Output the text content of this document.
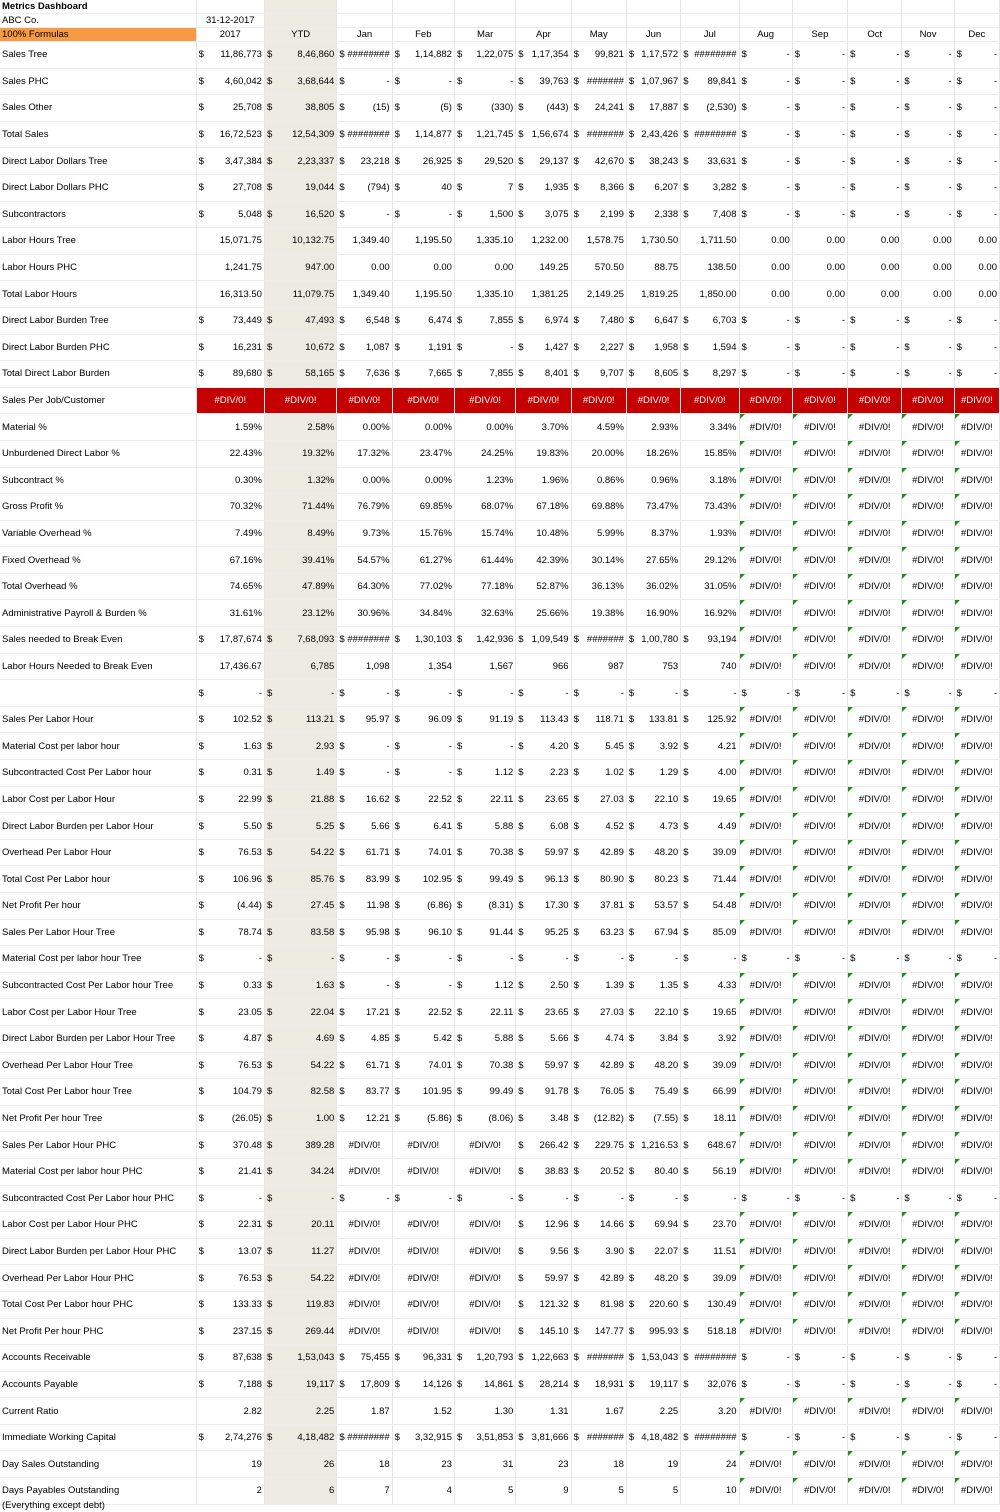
Metrics Dashboard														
ABC Co.	31-12-2017													
100% Formulas	2017	YTD	Jan	Feb	Mar	Apr	May	Jun	Jul	Aug	Sep	Oct	Nov	Dec
Sales Tree	$ 11,86,773	$ 8,46,860	$ ########	$ 1,14,882	$ 1,22,075	$ 1,17,354	$ 99,821	$ 1,17,572	$ ########	$ -	$ -	$ -	$ -	$ -

Sales PHC	$ 4,60,042	$ 3,68,644	$ -	$ -	$ -	$ 39,763	$ #######	$ 1,07,967	$ 89,841	$ -	$ -	$ -	$ -	$ -

Sales Other	$ 25,708	$ 38,805	$ (15)	$ (5)	$ (330)	$ (443)	$ 24,241	$ 17,887	$ (2,530)	$ -	$ -	$ -	$ -	$ -

Total Sales	$ 16,72,523	$ 12,54,309	$ ########	$ 1,14,877	$ 1,21,745	$ 1,56,674	$ #######	$ 2,43,426	$ ########	$ -	$ -	$ -	$ -	$ -

Direct Labor Dollars Tree	$ 3,47,384	$ 2,23,337	$ 23,218	$ 26,925	$ 29,520	$ 29,137	$ 42,670	$ 38,243	$ 33,631	$ -	$ -	$ -	$ -	$ -

Direct Labor Dollars PHC	$ 27,708	$ 19,044	$ (794)	$ 40	$ 7	$ 1,935	$ 8,366	$ 6,207	$ 3,282	$ -	$ -	$ -	$ -	$ -

Subcontractors	$ 5,048	$ 16,520	$ -	$ -	$ 1,500	$ 3,075	$ 2,199	$ 2,338	$ 7,408	$ -	$ -	$ -	$ -	$ -

Labor Hours Tree	15,071.75	10,132.75	1,349.40	1,195.50	1,335.10	1,232.00	1,578.75	1,730.50	1,711.50	0.00	0.00	0.00	0.00	0.00
Labor Hours PHC	1,241.75	947.00	0.00	0.00	0.00	149.25	570.50	88.75	138.50	0.00	0.00	0.00	0.00	0.00
Total Labor Hours	16,313.50	11,079.75	1,349.40	1,195.50	1,335.10	1,381.25	2,149.25	1,819.25	1,850.00	0.00	0.00	0.00	0.00	0.00
Direct Labor Burden Tree	$ 73,449	$ 47,493	$ 6,548	$ 6,474	$ 7,855	$ 6,974	$ 7,480	$ 6,647	$ 6,703	$ -	$ -	$ -	$ -	$ -

Direct Labor Burden PHC	$ 16,231	$ 10,672	$ 1,087	$ 1,191	$ -	$ 1,427	$ 2,227	$ 1,958	$ 1,594	$ -	$ -	$ -	$ -	$ -

Total Direct Labor Burden	$ 89,680	$ 58,165	$ 7,636	$ 7,665	$ 7,855	$ 8,401	$ 9,707	$ 8,605	$ 8,297	$ -	$ -	$ -	$ -	$ -

Sales Per Job/Customer	#DIV/0!	#DIV/0!	#DIV/0!	#DIV/0!	#DIV/0!	#DIV/0!	#DIV/0!	#DIV/0!	#DIV/0!	#DIV/0!	#DIV/0!	#DIV/0!	#DIV/0!	#DIV/0!
Material %	1.59%	2.58%	0.00%	0.00%	0.00%	3.70%	4.59%	2.93%	3.34%	#DIV/0!	#DIV/0!	#DIV/0!	#DIV/0!	#DIV/0!
Unburdened Direct Labor %	22.43%	19.32%	17.32%	23.47%	24.25%	19.83%	20.00%	18.26%	15.85%	#DIV/0!	#DIV/0!	#DIV/0!	#DIV/0!	#DIV/0!
Subcontract %	0.30%	1.32%	0.00%	0.00%	1.23%	1.96%	0.86%	0.96%	3.18%	#DIV/0!	#DIV/0!	#DIV/0!	#DIV/0!	#DIV/0!
Gross Profit %	70.32%	71.44%	76.79%	69.85%	68.07%	67.18%	69.88%	73.47%	73.43%	#DIV/0!	#DIV/0!	#DIV/0!	#DIV/0!	#DIV/0!
Variable Overhead %	7.49%	8.49%	9.73%	15.76%	15.74%	10.48%	5.99%	8.37%	1.93%	#DIV/0!	#DIV/0!	#DIV/0!	#DIV/0!	#DIV/0!
Fixed Overhead %	67.16%	39.41%	54.57%	61.27%	61.44%	42.39%	30.14%	27.65%	29.12%	#DIV/0!	#DIV/0!	#DIV/0!	#DIV/0!	#DIV/0!
Total Overhead %	74.65%	47.89%	64.30%	77.02%	77.18%	52.87%	36.13%	36.02%	31.05%	#DIV/0!	#DIV/0!	#DIV/0!	#DIV/0!	#DIV/0!
Administrative Payroll & Burden %	31.61%	23.12%	30.96%	34.84%	32.63%	25.66%	19.38%	16.90%	16.92%	#DIV/0!	#DIV/0!	#DIV/0!	#DIV/0!	#DIV/0!
Sales needed to Break Even	$ 17,87,674	$ 7,68,093	$ ########	$ 1,30,103	$ 1,42,936	$ 1,09,549	$ #######	$ 1,00,780	$ 93,194	#DIV/0!	#DIV/0!	#DIV/0!	#DIV/0!	#DIV/0!
Labor Hours Needed to Break Even	17,436.67	6,785	1,098	1,354	1,567	966	987	753	740	#DIV/0!	#DIV/0!	#DIV/0!	#DIV/0!	#DIV/0!

	$ -	$ -	$ -	$ -	$ -	$ -	$ -	$ -	$ -	$ -	$ -	$ -	$ -	$ -

Sales Per Labor Hour	$ 102.52	$ 113.21	$ 95.97	$ 96.09	$ 91.19	$ 113.43	$ 118.71	$ 133.81	$ 125.92	#DIV/0!	#DIV/0!	#DIV/0!	#DIV/0!	#DIV/0!
Material Cost per labor hour	$ 1.63	$ 2.93	$ -	$ -	$ -	$ 4.20	$ 5.45	$ 3.92	$ 4.21	#DIV/0!	#DIV/0!	#DIV/0!	#DIV/0!	#DIV/0!
Subcontracted Cost Per Labor hour	$ 0.31	$ 1.49	$ -	$ -	$ 1.12	$ 2.23	$ 1.02	$ 1.29	$ 4.00	#DIV/0!	#DIV/0!	#DIV/0!	#DIV/0!	#DIV/0!
Labor Cost per Labor Hour	$ 22.99	$ 21.88	$ 16.62	$ 22.52	$ 22.11	$ 23.65	$ 27.03	$ 22.10	$ 19.65	#DIV/0!	#DIV/0!	#DIV/0!	#DIV/0!	#DIV/0!
Direct Labor Burden per Labor Hour	$ 5.50	$ 5.25	$ 5.66	$ 6.41	$ 5.88	$ 6.08	$ 4.52	$ 4.73	$ 4.49	#DIV/0!	#DIV/0!	#DIV/0!	#DIV/0!	#DIV/0!
Overhead Per Labor Hour	$ 76.53	$ 54.22	$ 61.71	$ 74.01	$ 70.38	$ 59.97	$ 42.89	$ 48.20	$ 39.09	#DIV/0!	#DIV/0!	#DIV/0!	#DIV/0!	#DIV/0!
Total Cost Per Labor hour	$ 106.96	$ 85.76	$ 83.99	$ 102.95	$ 99.49	$ 96.13	$ 80.90	$ 80.23	$ 71.44	#DIV/0!	#DIV/0!	#DIV/0!	#DIV/0!	#DIV/0!
Net Profit Per hour	$ (4.44)	$ 27.45	$ 11.98	$ (6.86)	$ (8.31)	$ 17.30	$ 37.81	$ 53.57	$ 54.48	#DIV/0!	#DIV/0!	#DIV/0!	#DIV/0!	#DIV/0!
Sales Per Labor Hour Tree	$ 78.74	$ 83.58	$ 95.98	$ 96.10	$ 91.44	$ 95.25	$ 63.23	$ 67.94	$ 85.09	#DIV/0!	#DIV/0!	#DIV/0!	#DIV/0!	#DIV/0!
Material Cost per labor hour Tree	$ -	$ -	$ -	$ -	$ -	$ -	$ -	$ -	$ -	$ -	$ -	$ -	$ -	$ -

Subcontracted Cost Per Labor hour Tree	$ 0.33	$ 1.63	$ -	$ -	$ 1.12	$ 2.50	$ 1.39	$ 1.35	$ 4.33	#DIV/0!	#DIV/0!	#DIV/0!	#DIV/0!	#DIV/0!
Labor Cost per Labor Hour Tree	$ 23.05	$ 22.04	$ 17.21	$ 22.52	$ 22.11	$ 23.65	$ 27.03	$ 22.10	$ 19.65	#DIV/0!	#DIV/0!	#DIV/0!	#DIV/0!	#DIV/0!
Direct Labor Burden per Labor Hour Tree	$ 4.87	$ 4.69	$ 4.85	$ 5.42	$ 5.88	$ 5.66	$ 4.74	$ 3.84	$ 3.92	#DIV/0!	#DIV/0!	#DIV/0!	#DIV/0!	#DIV/0!
Overhead Per Labor Hour Tree	$ 76.53	$ 54.22	$ 61.71	$ 74.01	$ 70.38	$ 59.97	$ 42.89	$ 48.20	$ 39.09	#DIV/0!	#DIV/0!	#DIV/0!	#DIV/0!	#DIV/0!
Total Cost Per Labor hour Tree	$ 104.79	$ 82.58	$ 83.77	$ 101.95	$ 99.49	$ 91.78	$ 76.05	$ 75.49	$ 66.99	#DIV/0!	#DIV/0!	#DIV/0!	#DIV/0!	#DIV/0!
Net Profit Per hour Tree	$ (26.05)	$ 1.00	$ 12.21	$ (5.86)	$ (8.06)	$ 3.48	$ (12.82)	$ (7.55)	$ 18.11	#DIV/0!	#DIV/0!	#DIV/0!	#DIV/0!	#DIV/0!
Sales Per Labor Hour PHC	$ 370.48	$ 389.28	#DIV/0!	#DIV/0!	#DIV/0!	$ 266.42	$ 229.75	$ 1,216.53	$ 648.67	#DIV/0!	#DIV/0!	#DIV/0!	#DIV/0!	#DIV/0!
Material Cost per labor hour PHC	$ 21.41	$ 34.24	#DIV/0!	#DIV/0!	#DIV/0!	$ 38.83	$ 20.52	$ 80.40	$ 56.19	#DIV/0!	#DIV/0!	#DIV/0!	#DIV/0!	#DIV/0!
Subcontracted Cost Per Labor hour PHC	$ -	$ -	$ -	$ -	$ -	$ -	$ -	$ -	$ -	$ -	$ -	$ -	$ -	$ -

Labor Cost per Labor Hour PHC	$ 22.31	$ 20.11	#DIV/0!	#DIV/0!	#DIV/0!	$ 12.96	$ 14.66	$ 69.94	$ 23.70	#DIV/0!	#DIV/0!	#DIV/0!	#DIV/0!	#DIV/0!
Direct Labor Burden per Labor Hour PHC	$ 13.07	$ 11.27	#DIV/0!	#DIV/0!	#DIV/0!	$ 9.56	$ 3.90	$ 22.07	$ 11.51	#DIV/0!	#DIV/0!	#DIV/0!	#DIV/0!	#DIV/0!
Overhead Per Labor Hour PHC	$ 76.53	$ 54.22	#DIV/0!	#DIV/0!	#DIV/0!	$ 59.97	$ 42.89	$ 48.20	$ 39.09	#DIV/0!	#DIV/0!	#DIV/0!	#DIV/0!	#DIV/0!
Total Cost Per Labor hour PHC	$ 133.33	$ 119.83	#DIV/0!	#DIV/0!	#DIV/0!	$ 121.32	$ 81.98	$ 220.60	$ 130.49	#DIV/0!	#DIV/0!	#DIV/0!	#DIV/0!	#DIV/0!
Net Profit Per hour PHC	$ 237.15	$ 269.44	#DIV/0!	#DIV/0!	#DIV/0!	$ 145.10	$ 147.77	$ 995.93	$ 518.18	#DIV/0!	#DIV/0!	#DIV/0!	#DIV/0!	#DIV/0!
Accounts Receivable	$ 87,638	$ 1,53,043	$ 75,455	$ 96,331	$ 1,20,793	$ 1,22,663	$ #######	$ 1,53,043	$ ########	$ -	$ -	$ -	$ -	$ -

Accounts Payable	$ 7,188	$ 19,117	$ 17,809	$ 14,126	$ 14,861	$ 28,214	$ 18,931	$ 19,117	$ 32,076	$ -	$ -	$ -	$ -	$ -

Current Ratio	2.82	2.25	1.87	1.52	1.30	1.31	1.67	2.25	3.20	#DIV/0!	#DIV/0!	#DIV/0!	#DIV/0!	#DIV/0!
Immediate Working Capital	$ 2,74,276	$ 4,18,482	$ ########	$ 3,32,915	$ 3,51,853	$ 3,81,666	$ #######	$ 4,18,482	$ ########	$ -	$ -	$ -	$ -	$ -

Day Sales Outstanding	19	26	18	23	31	23	18	19	24	#DIV/0!	#DIV/0!	#DIV/0!	#DIV/0!	#DIV/0!
Days Payables Outstanding	2	6	7	4	5	9	5	5	10	#DIV/0!	#DIV/0!	#DIV/0!	#DIV/0!	#DIV/0!
(Everything except debt)
